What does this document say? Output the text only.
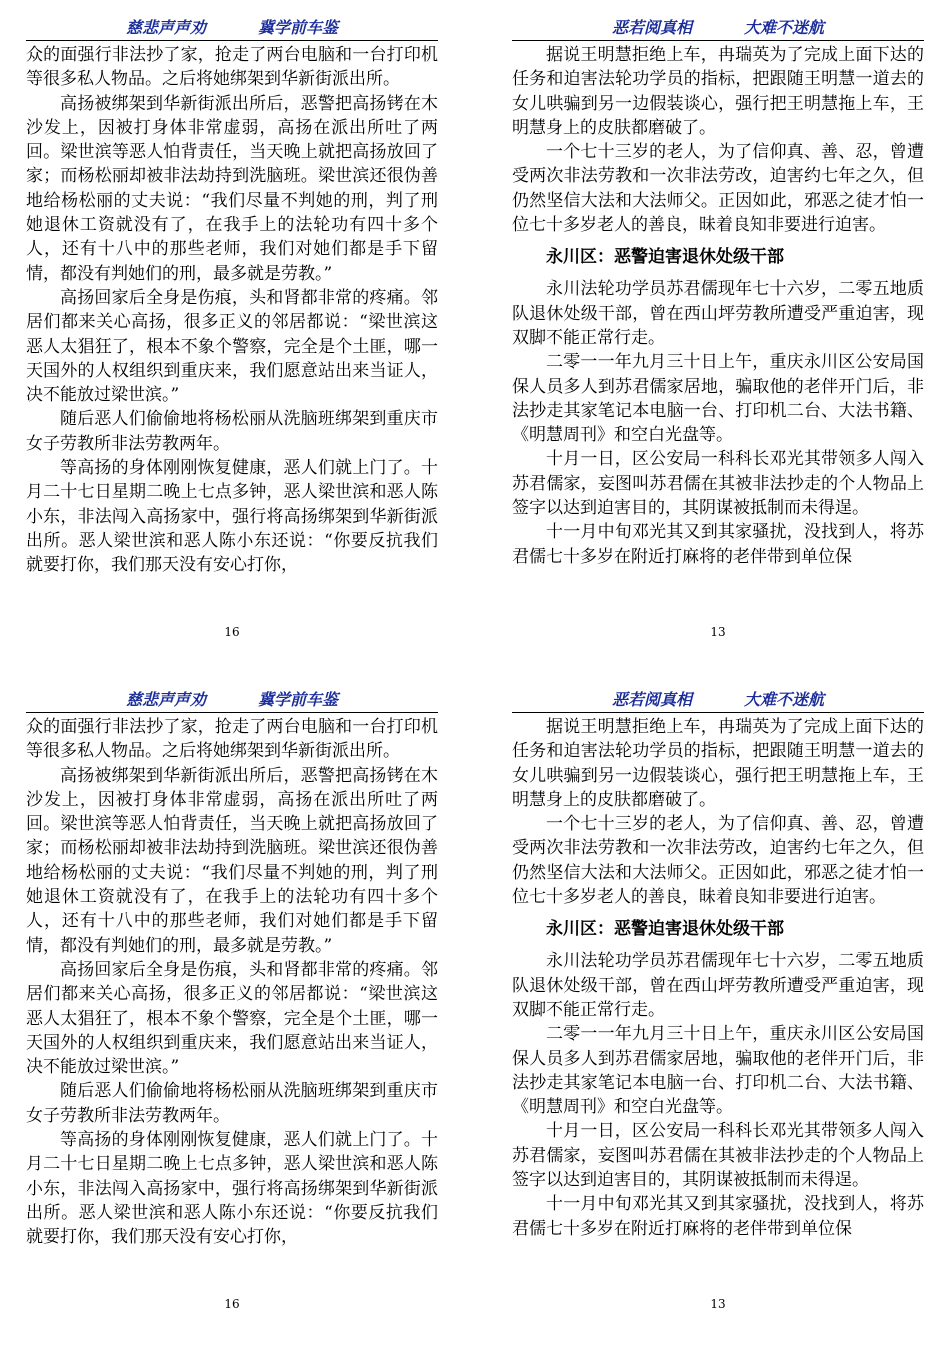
慈悲声声劝	冀学前车鉴

众的面强行非法抄了家，抢走了两台电脑和一台打印机等很多私人物品。之后将她绑架到华新街派出所。

高扬被绑架到华新街派出所后，恶警把高扬铐在木沙发上，因被打身体非常虚弱，高扬在派出所吐了两回。梁世滨等恶人怕背责任，当天晚上就把高扬放回了家；而杨松丽却被非法劫持到洗脑班。梁世滨还很伪善地给杨松丽的丈夫说：“我们尽量不判她的刑，判了刑她退休工资就没有了，在我手上的法轮功有四十多个人，还有十八中的那些老师，我们对她们都是手下留情，都没有判她们的刑，最多就是劳教。”

高扬回家后全身是伤痕，头和肾都非常的疼痛。邻居们都来关心高扬，很多正义的邻居都说：“梁世滨这恶人太猖狂了，根本不象个警察，完全是个土匪，哪一天国外的人权组织到重庆来，我们愿意站出来当证人，决不能放过梁世滨。”

随后恶人们偷偷地将杨松丽从洗脑班绑架到重庆市女子劳教所非法劳教两年。

等高扬的身体刚刚恢复健康，恶人们就上门了。十月二十七日星期二晚上七点多钟，恶人梁世滨和恶人陈小东，非法闯入高扬家中，强行将高扬绑架到华新街派出所。恶人梁世滨和恶人陈小东还说：“你要反抗我们就要打你，我们那天没有安心打你，

16
恶若阅真相	大难不迷航

据说王明慧拒绝上车，冉瑞英为了完成上面下达的任务和迫害法轮功学员的指标，把跟随王明慧一道去的女儿哄骗到另一边假装谈心，强行把王明慧拖上车，王明慧身上的皮肤都磨破了。

一个七十三岁的老人，为了信仰真、善、忍，曾遭受两次非法劳教和一次非法劳改，迫害约七年之久，但仍然坚信大法和大法师父。正因如此，邪恶之徒才怕一位七十多岁老人的善良，昧着良知非要进行迫害。

永川区：恶警迫害退休处级干部

永川法轮功学员苏君儒现年七十六岁，二零五地质队退休处级干部，曾在西山坪劳教所遭受严重迫害，现双脚不能正常行走。

二零一一年九月三十日上午，重庆永川区公安局国保人员多人到苏君儒家居地，骗取他的老伴开门后，非法抄走其家笔记本电脑一台、打印机二台、大法书籍、《明慧周刊》和空白光盘等。

十月一日，区公安局一科科长邓光其带领多人闯入苏君儒家，妄图叫苏君儒在其被非法抄走的个人物品上签字以达到迫害目的，其阴谋被抵制而未得逞。

十一月中旬邓光其又到其家骚扰，没找到人，将苏君儒七十多岁在附近打麻将的老伴带到单位保

13
慈悲声声劝	冀学前车鉴

众的面强行非法抄了家，抢走了两台电脑和一台打印机等很多私人物品。之后将她绑架到华新街派出所。

高扬被绑架到华新街派出所后，恶警把高扬铐在木沙发上，因被打身体非常虚弱，高扬在派出所吐了两回。梁世滨等恶人怕背责任，当天晚上就把高扬放回了家；而杨松丽却被非法劫持到洗脑班。梁世滨还很伪善地给杨松丽的丈夫说：“我们尽量不判她的刑，判了刑她退休工资就没有了，在我手上的法轮功有四十多个人，还有十八中的那些老师，我们对她们都是手下留情，都没有判她们的刑，最多就是劳教。”

高扬回家后全身是伤痕，头和肾都非常的疼痛。邻居们都来关心高扬，很多正义的邻居都说：“梁世滨这恶人太猖狂了，根本不象个警察，完全是个土匪，哪一天国外的人权组织到重庆来，我们愿意站出来当证人，决不能放过梁世滨。”

随后恶人们偷偷地将杨松丽从洗脑班绑架到重庆市女子劳教所非法劳教两年。

等高扬的身体刚刚恢复健康，恶人们就上门了。十月二十七日星期二晚上七点多钟，恶人梁世滨和恶人陈小东，非法闯入高扬家中，强行将高扬绑架到华新街派出所。恶人梁世滨和恶人陈小东还说：“你要反抗我们就要打你，我们那天没有安心打你，

16
恶若阅真相	大难不迷航

据说王明慧拒绝上车，冉瑞英为了完成上面下达的任务和迫害法轮功学员的指标，把跟随王明慧一道去的女儿哄骗到另一边假装谈心，强行把王明慧拖上车，王明慧身上的皮肤都磨破了。

一个七十三岁的老人，为了信仰真、善、忍，曾遭受两次非法劳教和一次非法劳改，迫害约七年之久，但仍然坚信大法和大法师父。正因如此，邪恶之徒才怕一位七十多岁老人的善良，昧着良知非要进行迫害。

永川区：恶警迫害退休处级干部

永川法轮功学员苏君儒现年七十六岁，二零五地质队退休处级干部，曾在西山坪劳教所遭受严重迫害，现双脚不能正常行走。

二零一一年九月三十日上午，重庆永川区公安局国保人员多人到苏君儒家居地，骗取他的老伴开门后，非法抄走其家笔记本电脑一台、打印机二台、大法书籍、《明慧周刊》和空白光盘等。

十月一日，区公安局一科科长邓光其带领多人闯入苏君儒家，妄图叫苏君儒在其被非法抄走的个人物品上签字以达到迫害目的，其阴谋被抵制而未得逞。

十一月中旬邓光其又到其家骚扰，没找到人，将苏君儒七十多岁在附近打麻将的老伴带到单位保

13
